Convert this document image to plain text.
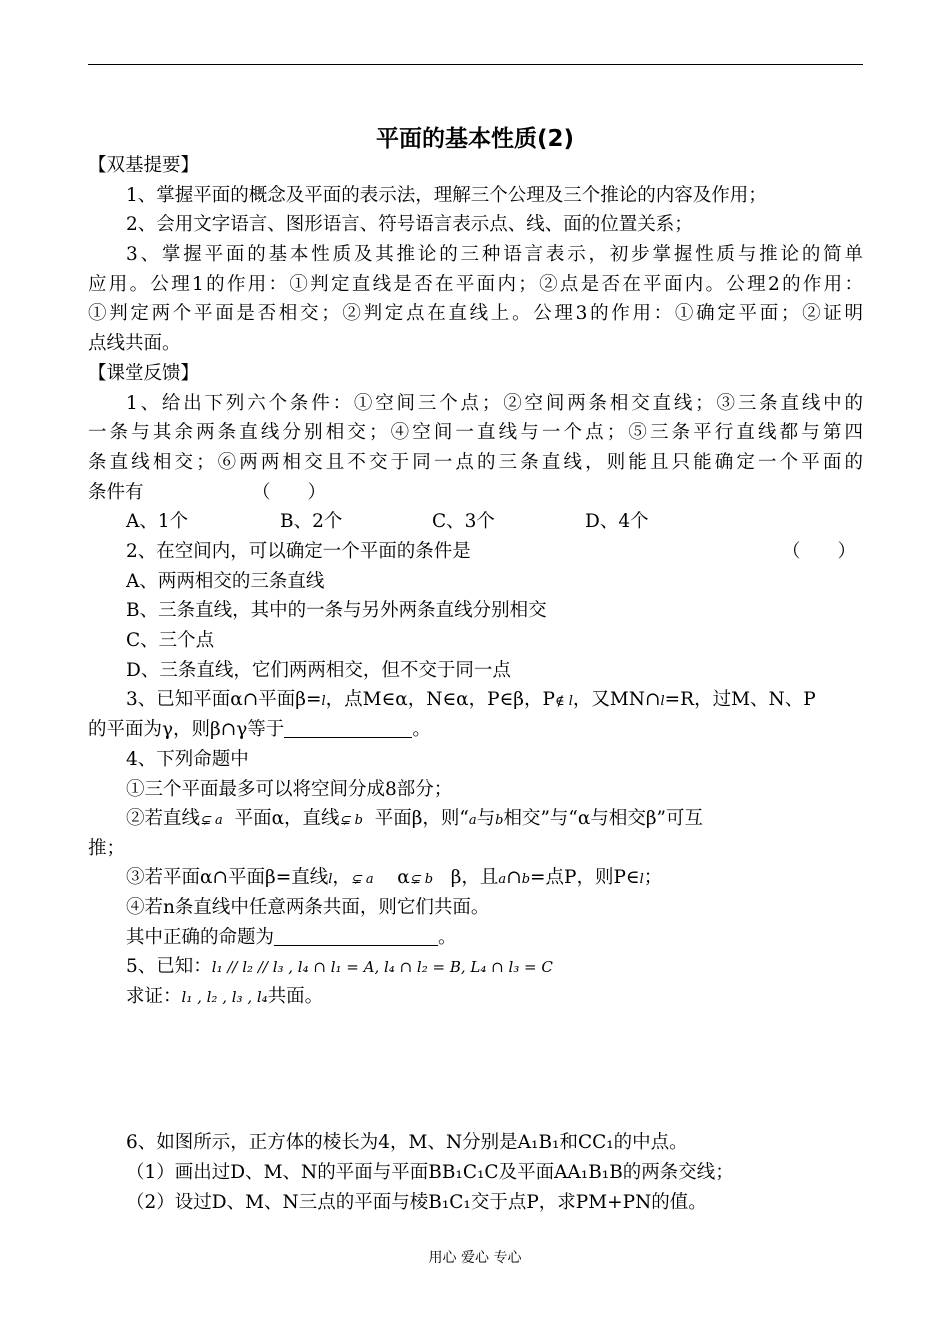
平面的基本性质(2)
【双基提要】
1、掌握平面的概念及平面的表示法，理解三个公理及三个推论的内容及作用；
2、会用文字语言、图形语言、符号语言表示点、线、面的位置关系；
3、掌握平面的基本性质及其推论的三种语言表示，初步掌握性质与推论的简单
应用。公理1的作用：①判定直线是否在平面内；②点是否在平面内。公理2的作用：
①判定两个平面是否相交；②判定点在直线上。公理3的作用：①确定平面；②证明
点线共面。
【课堂反馈】
1、给出下列六个条件：①空间三个点；②空间两条相交直线；③三条直线中的
一条与其余两条直线分别相交；④空间一直线与一个点；⑤三条平行直线都与第四
条直线相交；⑥两两相交且不交于同一点的三条直线，则能且只能确定一个平面的
条件有	（　　）
A、1个	B、2个	C、3个	D、4个
2、在空间内，可以确定一个平面的条件是	（　　）
A、两两相交的三条直线
B、三条直线，其中的一条与另外两条直线分别相交
C、三个点
D、三条直线，它们两两相交，但不交于同一点
3、已知平面α∩平面β=l，点M∈α，N∈α，P∈β，P∉ l，又MN∩l=R，过M、N、P
的平面为γ，则β∩γ等于	。
4、下列命题中
①三个平面最多可以将空间分成8部分；
②若直线⊊ a 平面α，直线⊊ b 平面β，则“a与b相交”与“α与相交β”可互
推；
③若平面α∩平面β=直线l，⊊ a α⊊ b β，且a∩b=点P，则P∈l；
④若n条直线中任意两条共面，则它们共面。
其中正确的命题为	。
5、已知：l₁ // l₂ // l₃ , l₄ ∩ l₁ = A, l₄ ∩ l₂ = B, L₄ ∩ l₃ = C
求证：l₁ , l₂ , l₃ , l₄共面。
6、如图所示，正方体的棱长为4，M、N分别是A₁B₁和CC₁的中点。
（1）画出过D、M、N的平面与平面BB₁C₁C及平面AA₁B₁B的两条交线；
（2）设过D、M、N三点的平面与棱B₁C₁交于点P，求PM+PN的值。
用心 爱心 专心
